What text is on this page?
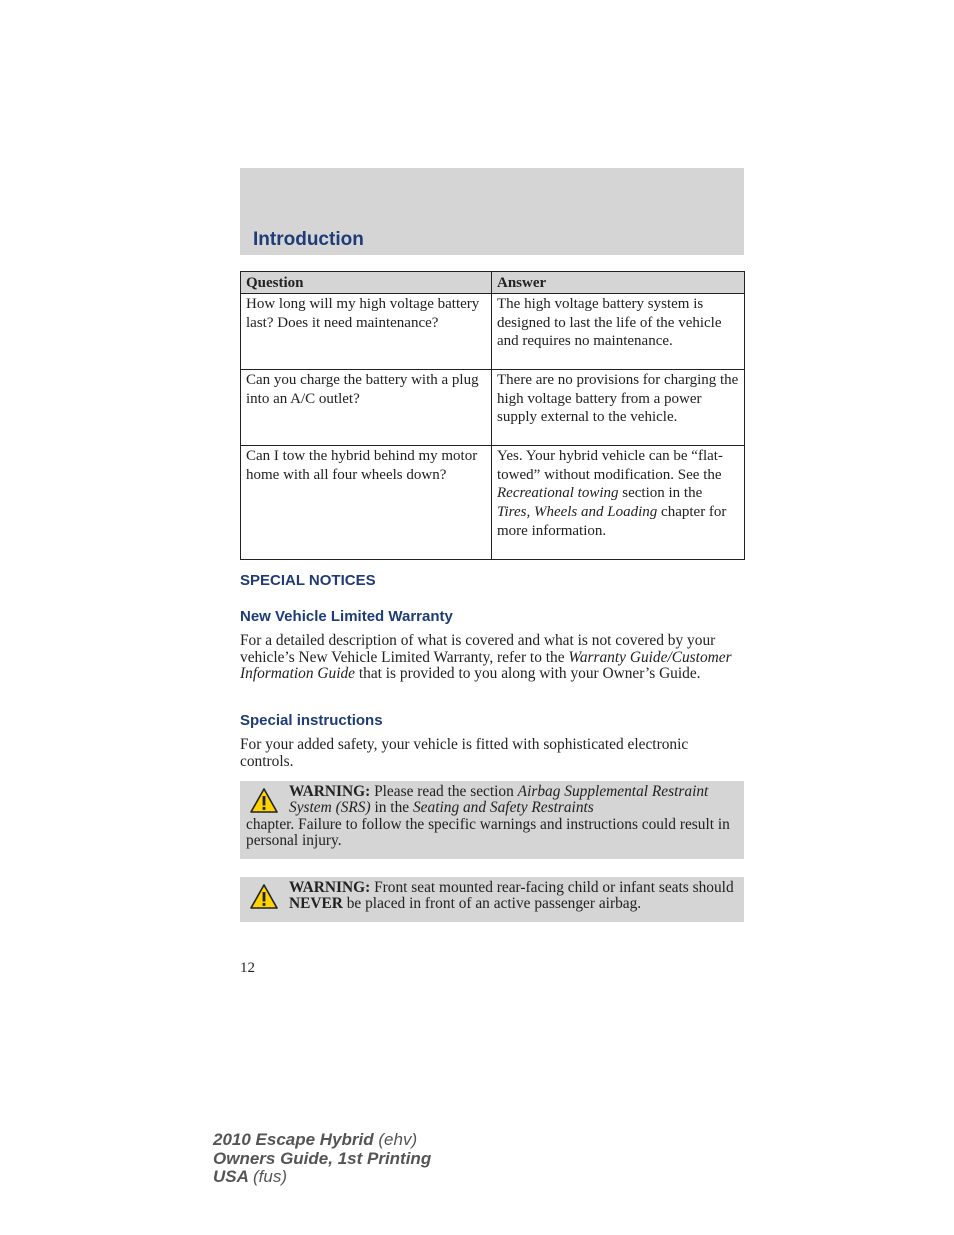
Introduction
Question	Answer
How long will my high voltage battery last? Does it need maintenance?	The high voltage battery system is designed to last the life of the vehicle and requires no maintenance.
Can you charge the battery with a plug into an A/C outlet?	There are no provisions for charging the high voltage battery from a power supply external to the vehicle.
Can I tow the hybrid behind my motor home with all four wheels down?	Yes. Your hybrid vehicle can be “flat-towed” without modification. See the Recreational towing section in the Tires, Wheels and Loading chapter for more information.
SPECIAL NOTICES
New Vehicle Limited Warranty
For a detailed description of what is covered and what is not covered by your vehicle’s New Vehicle Limited Warranty, refer to the Warranty Guide/Customer Information Guide that is provided to you along with your Owner’s Guide.
Special instructions
For your added safety, your vehicle is fitted with sophisticated electronic controls.
WARNING: Please read the section Airbag Supplemental Restraint System (SRS) in the Seating and Safety Restraints
chapter. Failure to follow the specific warnings and instructions could result in personal injury.
WARNING: Front seat mounted rear-facing child or infant seats should NEVER be placed in front of an active passenger airbag.
12
2010 Escape Hybrid (ehv)
Owners Guide, 1st Printing
USA (fus)
